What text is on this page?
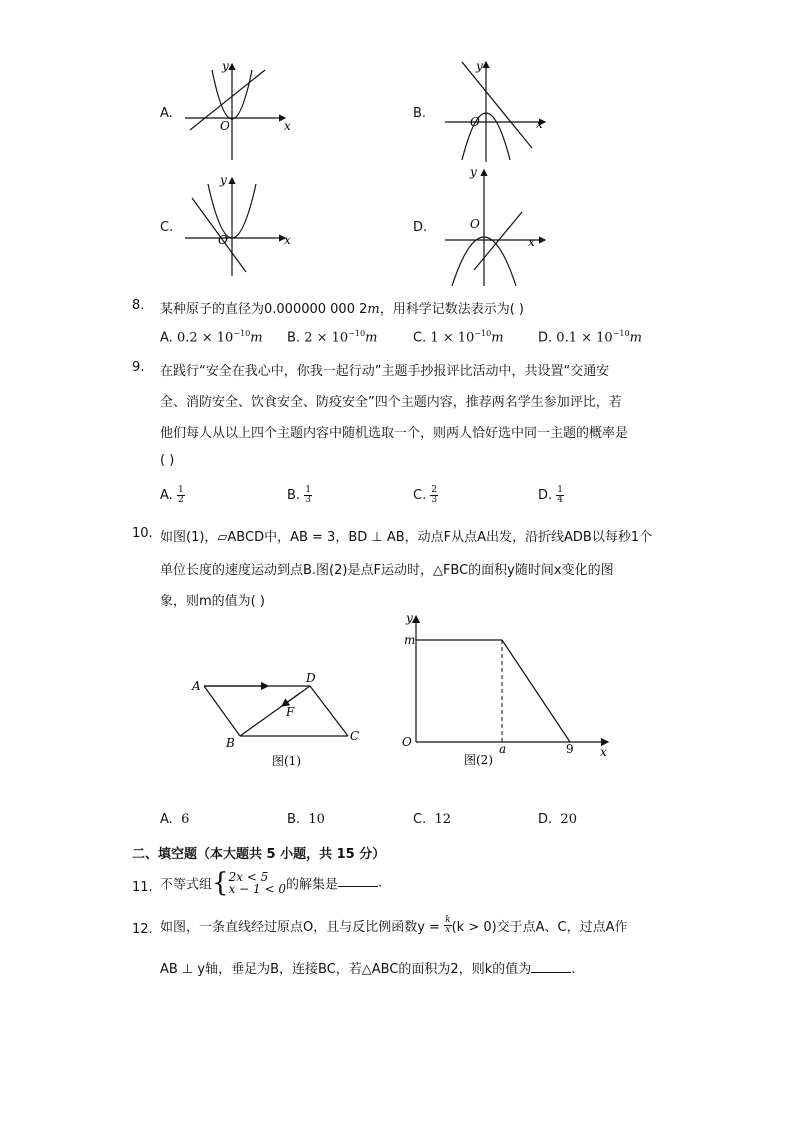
A.
O	x
y
B.
O	x
y
C.
O	x
y
D.	O
x
y
8. 某种原子的直径为0.000000 000 2m，用科学记数法表示为( )
A. $0.2 \times 10^{-10}m$ B. $2 \times 10^{-10}m$	C. $1 \times 10^{-10}m$	D. $0.1 \times 10^{-10}m$
9. 在践行“安全在我心中，你我一起行动”主题手抄报评比活动中，共设置“交通安
全、消防安全、饮食安全、防疫安全”四个主题内容，推荐两名学生参加评比，若
他们每人从以上四个主题内容中随机选取一个，则两人恰好选中同一主题的概率是
( )
A. $\frac{1}{2}$	B. $\frac{1}{3}$	C. $\frac{2}{3}$	D. $\frac{1}{4}$
10. 如图(1)，▱ABCD中，AB = 3，BD ⊥ AB，动点F从点A出发，沿折线ADB以每秒1个
单位长度的速度运动到点B.图(2)是点F运动时，△FBC的面积y随时间x变化的图
象，则m的值为( )
A
D
B	C
F
图(1)
y
m
O	a	9 x
图(2)
A. 6	B. 10	C. 12	D. 20
二、填空题（本大题共 5 小题，共 15 分）
11. 不等式组{ 2x < 5
x − 1 < 0 的解集是	.
12. 如图，一条直线经过原点O，且与反比例函数$y = \frac{k}{x} (k > 0)$交于点A、C，过点A作
AB ⊥ y轴，垂足为B，连接BC，若△ABC的面积为2，则k的值为	.
